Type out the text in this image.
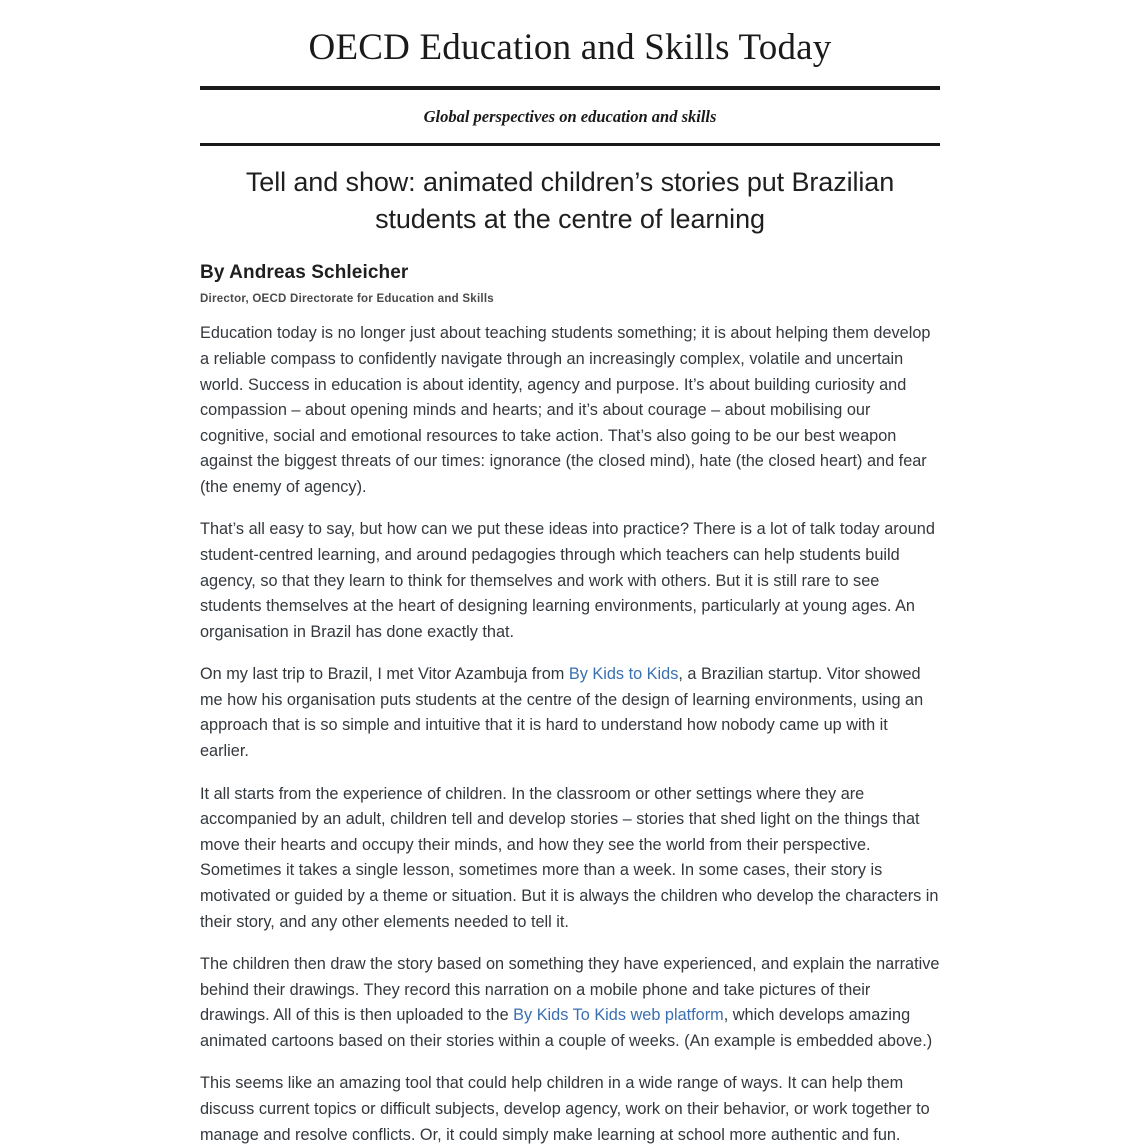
OECD Education and Skills Today

Global perspectives on education and skills

Tell and show: animated children’s stories put Brazilian students at the centre of learning
By Andreas Schleicher
Director, OECD Directorate for Education and Skills

Education today is no longer just about teaching students something; it is about helping them develop a reliable compass to confidently navigate through an increasingly complex, volatile and uncertain world. Success in education is about identity, agency and purpose. It’s about building curiosity and compassion – about opening minds and hearts; and it’s about courage – about mobilising our cognitive, social and emotional resources to take action. That’s also going to be our best weapon against the biggest threats of our times: ignorance (the closed mind), hate (the closed heart) and fear (the enemy of agency).

That’s all easy to say, but how can we put these ideas into practice? There is a lot of talk today around student-centred learning, and around pedagogies through which teachers can help students build agency, so that they learn to think for themselves and work with others. But it is still rare to see students themselves at the heart of designing learning environments, particularly at young ages. An organisation in Brazil has done exactly that.

On my last trip to Brazil, I met Vitor Azambuja from By Kids to Kids, a Brazilian startup. Vitor showed me how his organisation puts students at the centre of the design of learning environments, using an approach that is so simple and intuitive that it is hard to understand how nobody came up with it earlier.

It all starts from the experience of children. In the classroom or other settings where they are accompanied by an adult, children tell and develop stories – stories that shed light on the things that move their hearts and occupy their minds, and how they see the world from their perspective. Sometimes it takes a single lesson, sometimes more than a week. In some cases, their story is motivated or guided by a theme or situation. But it is always the children who develop the characters in their story, and any other elements needed to tell it.

The children then draw the story based on something they have experienced, and explain the narrative behind their drawings. They record this narration on a mobile phone and take pictures of their drawings. All of this is then uploaded to the By Kids To Kids web platform, which develops amazing animated cartoons based on their stories within a couple of weeks. (An example is embedded above.)

This seems like an amazing tool that could help children in a wide range of ways. It can help them discuss current topics or difficult subjects, develop agency, work on their behavior, or work together to manage and resolve conflicts. Or, it could simply make learning at school more authentic and fun.
